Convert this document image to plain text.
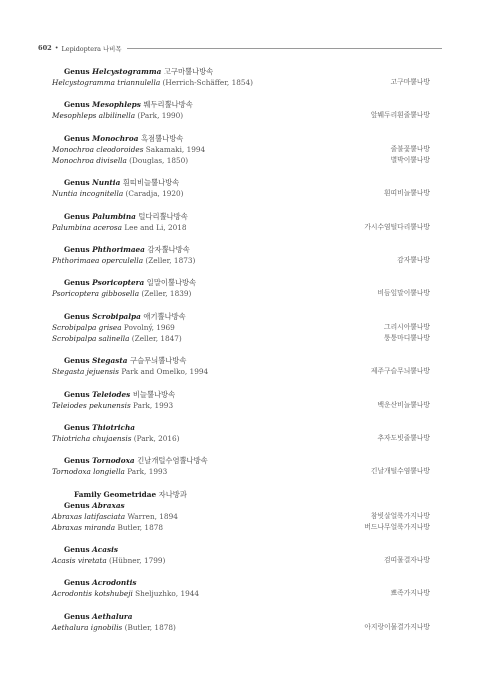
602 • Lepidoptera 나비목
Genus Helcystogramma 고구마뿔나방속
Helcystogramma triannulella (Herrich-Schäffer, 1854)	고구마뿔나방
Genus Mesophleps 붸두리뿔나방속
Mesophleps albilinella (Park, 1990)	앞붸두리흰줄뿔나방
Genus Monochroa 흑점뿔나방속
Monochroa cleodoroides Sakamaki, 1994	줄불꽃뿔나방
Monochroa divisella (Douglas, 1850)	별박이뿔나방
Genus Nuntia 흰띠비늘뿔나방속
Nuntia incognitella (Caradja, 1920)	흰띠비늘뿔나방
Genus Palumbina 털다리뿔나방속
Palumbina acerosa Lee and Li, 2018	가시수염털다리뿔나방
Genus Phthorimaea 감자뿔나방속
Phthorimaea operculella (Zeller, 1873)	감자뿔나방
Genus Psoricoptera 일말이뿔나방속
Psoricoptera gibbosella (Zeller, 1839)	비듬잎말이뿔나방
Genus Scrobipalpa 애기뿔나방속
Scrobipalpa grisea Povolný, 1969	그리시아뿔나방
Scrobipalpa salinella (Zeller, 1847)	퉁퉁마디뿔나방
Genus Stegasta 구슬무늬뿔나방속
Stegasta jejuensis Park and Omelko, 1994	제주구슬무늬뿔나방
Genus Teleiodes 비늘뿔나방속
Teleiodes pekunensis Park, 1993	백운산비늘뿔나방
Genus Thiotricha
Thiotricha chujaensis (Park, 2016)	추자도빗줄뿔나방
Genus Tornodoxa 긴날개털수염뿔나방속
Tornodoxa longiella Park, 1993	긴날개털수염뿔나방
Family Geometridae 자나방과
Genus Abraxas
Abraxas latifasciata Warren, 1894	참빗살얼룩가지나방
Abraxas miranda Butler, 1878	버드나무얼룩가지나방
Genus Acasis
Acasis viretata (Hübner, 1799)	검띠물결자나방
Genus Acrodontis
Acrodontis kotshubeji Sheljuzhko, 1944	뾰족가지나방
Genus Aethalura
Aethalura ignobilis (Butler, 1878)	아지랑이물결가지나방
